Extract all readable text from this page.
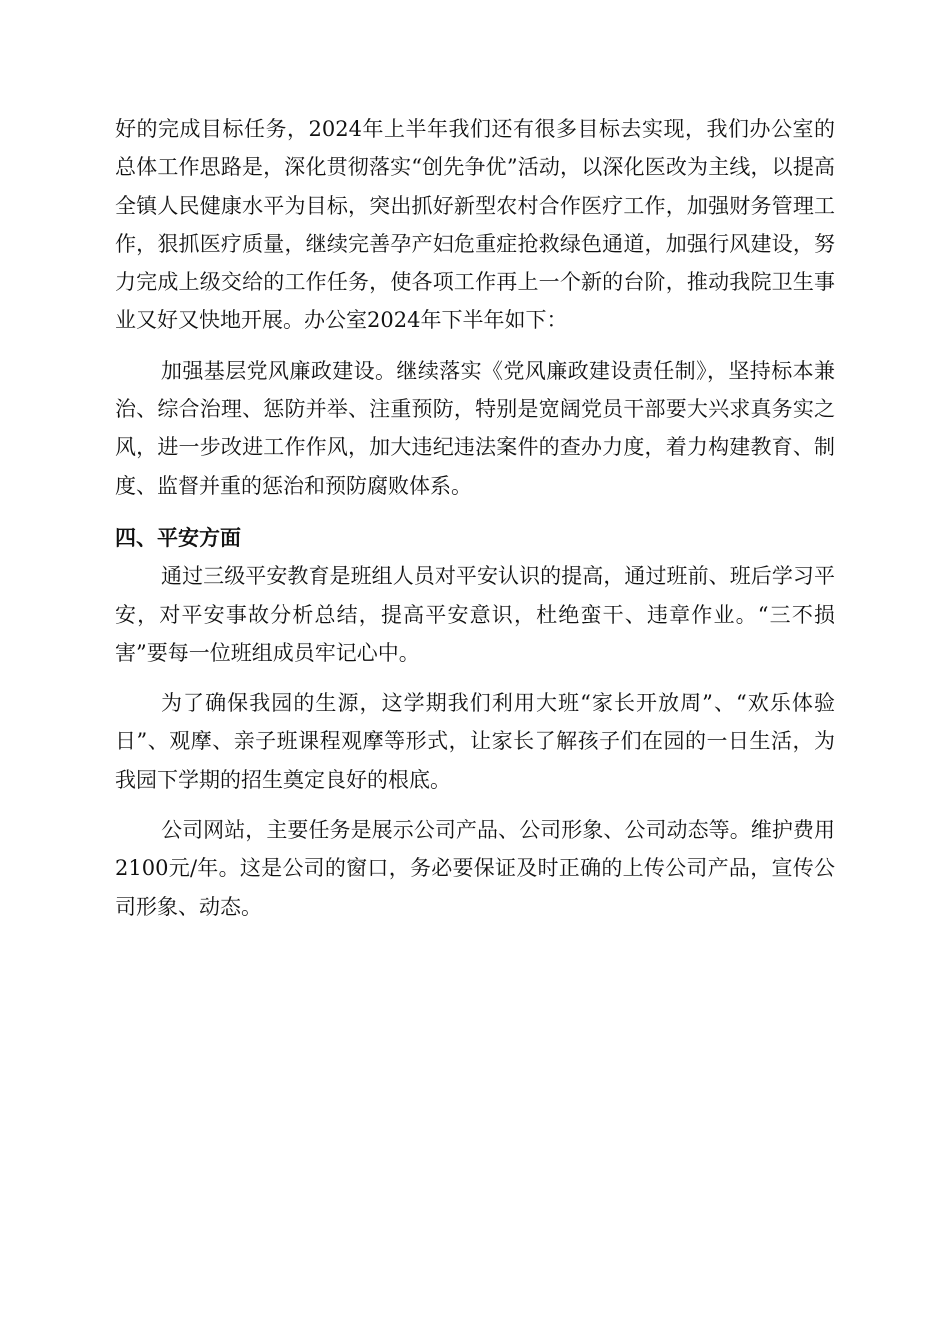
好的完成目标任务，2024年上半年我们还有很多目标去实现，我们办公室的总体工作思路是，深化贯彻落实“创先争优”活动，以深化医改为主线，以提高全镇人民健康水平为目标，突出抓好新型农村合作医疗工作，加强财务管理工作，狠抓医疗质量，继续完善孕产妇危重症抢救绿色通道，加强行风建设，努力完成上级交给的工作任务，使各项工作再上一个新的台阶，推动我院卫生事业又好又快地开展。办公室2024年下半年如下：

加强基层党风廉政建设。继续落实《党风廉政建设责任制》，坚持标本兼治、综合治理、惩防并举、注重预防，特别是宽阔党员干部要大兴求真务实之风，进一步改进工作作风，加大违纪违法案件的查办力度，着力构建教育、制度、监督并重的惩治和预防腐败体系。

四、平安方面

通过三级平安教育是班组人员对平安认识的提高，通过班前、班后学习平安，对平安事故分析总结，提高平安意识，杜绝蛮干、违章作业。“三不损害”要每一位班组成员牢记心中。

为了确保我园的生源，这学期我们利用大班“家长开放周”、“欢乐体验日”、观摩、亲子班课程观摩等形式，让家长了解孩子们在园的一日生活，为我园下学期的招生奠定良好的根底。

公司网站，主要任务是展示公司产品、公司形象、公司动态等。维护费用2100元/年。这是公司的窗口，务必要保证及时正确的上传公司产品，宣传公司形象、动态。
